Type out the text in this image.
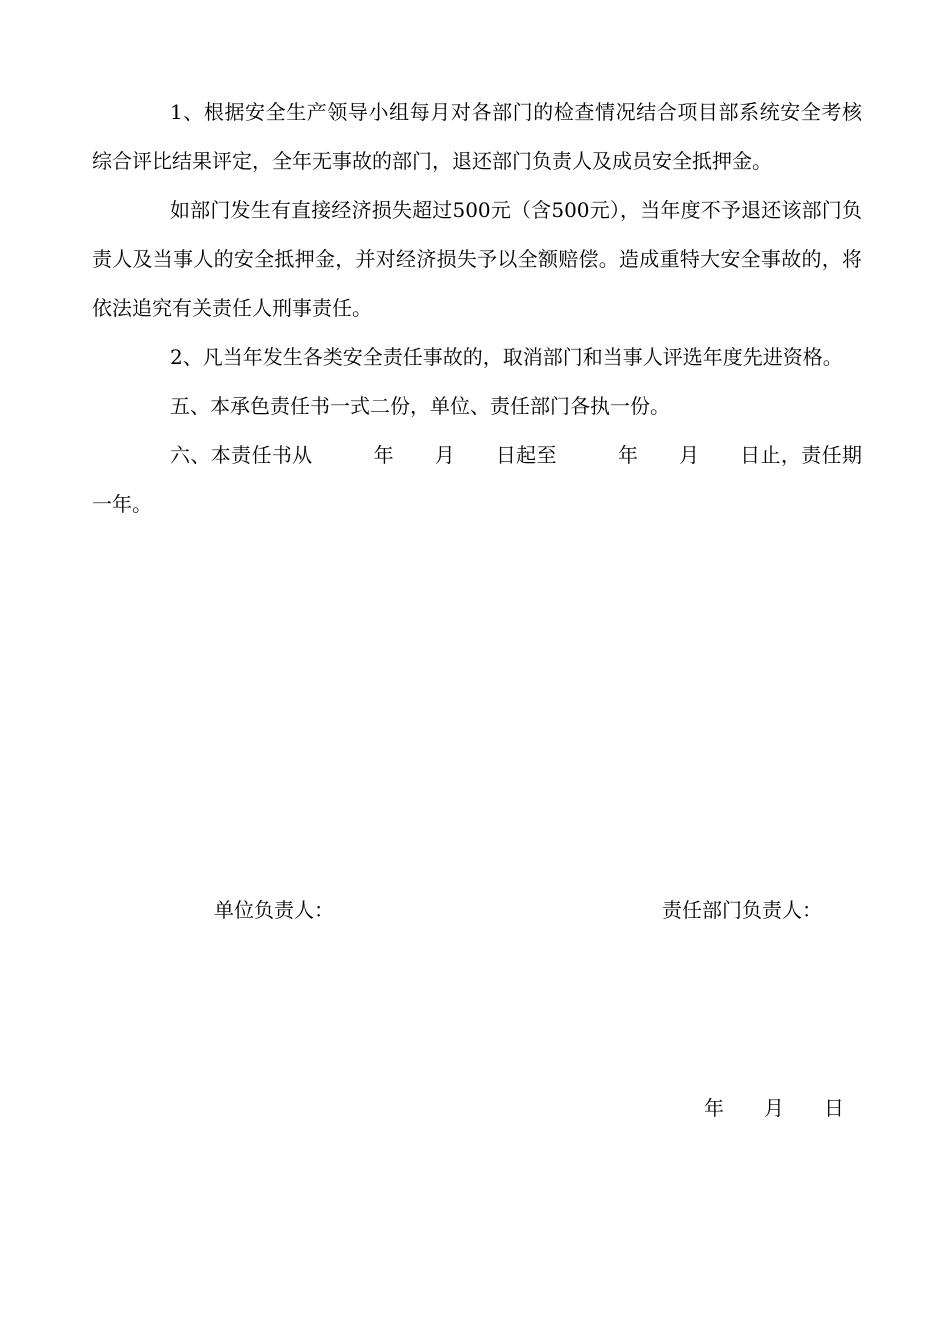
1、根据安全生产领导小组每月对各部门的检查情况结合项目部系统安全考核综合评比结果评定，全年无事故的部门，退还部门负责人及成员安全抵押金。

如部门发生有直接经济损失超过500元（含500元），当年度不予退还该部门负责人及当事人的安全抵押金，并对经济损失予以全额赔偿。造成重特大安全事故的，将依法追究有关责任人刑事责任。

2、凡当年发生各类安全责任事故的，取消部门和当事人评选年度先进资格。

五、本承色责任书一式二份，单位、责任部门各执一份。

六、本责任书从　　　年　　月　　日起至　　　年　　月　　日止，责任期一年。

单位负责人：	责任部门负责人：
年　　月　　日
